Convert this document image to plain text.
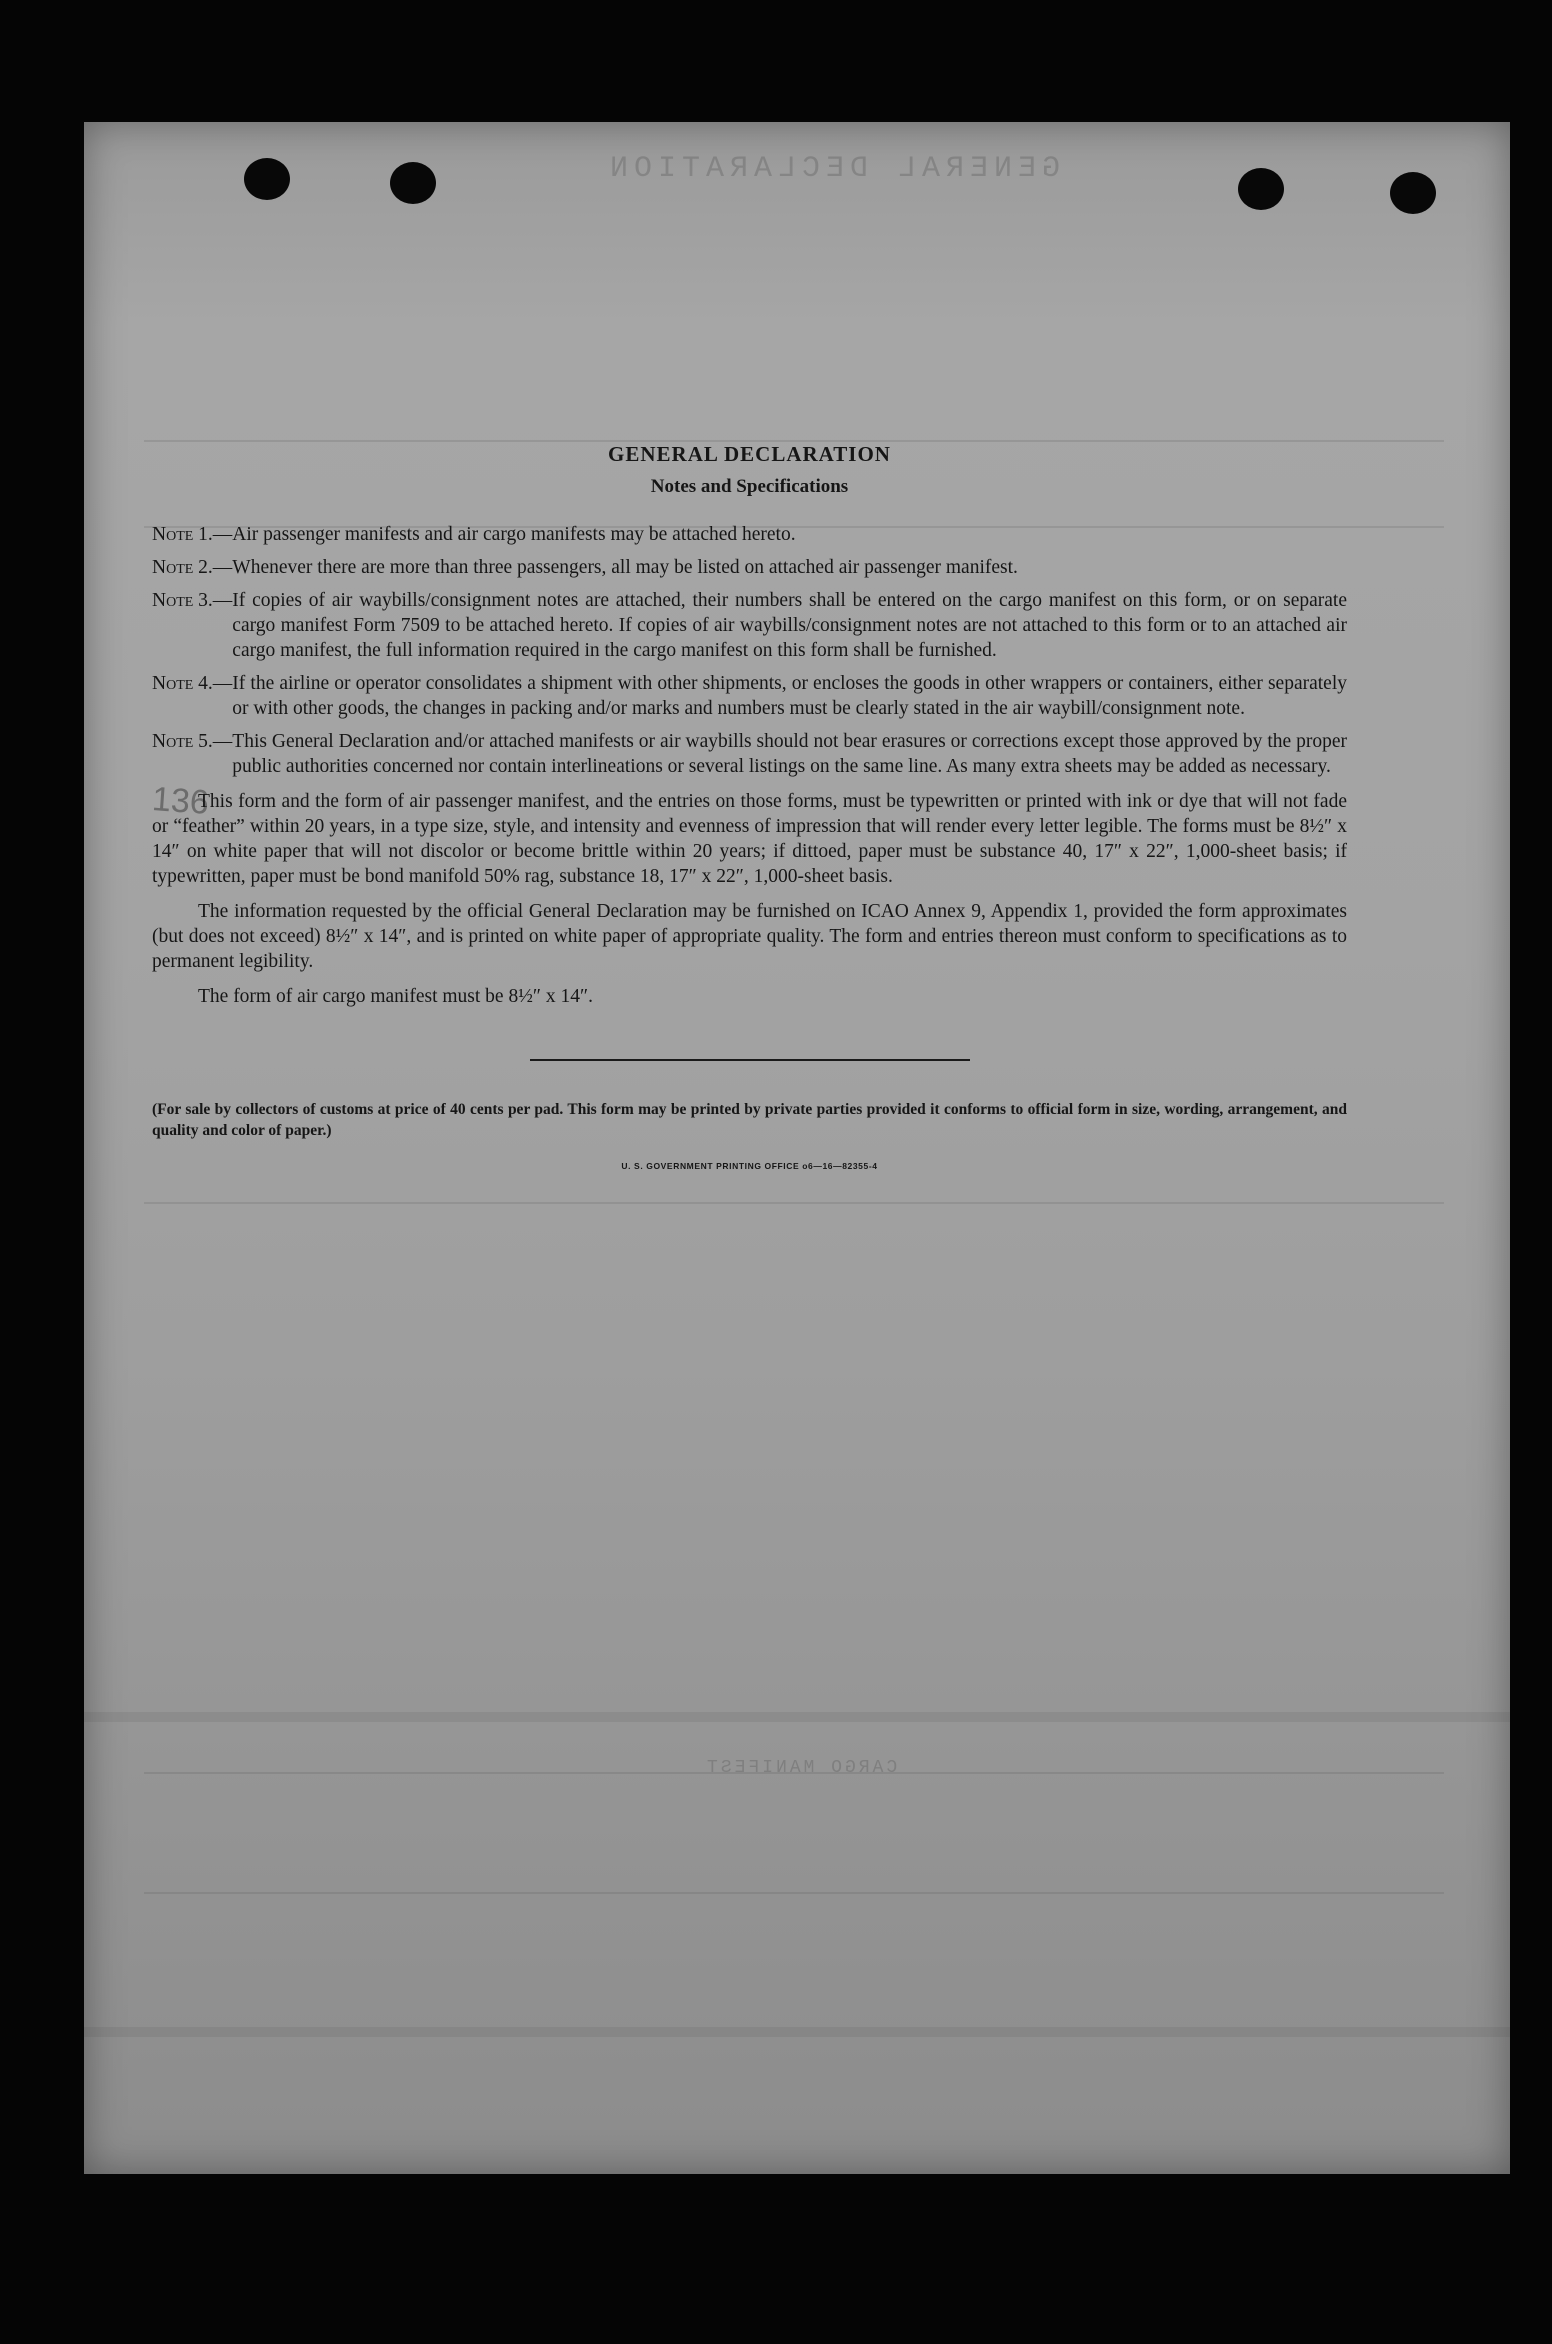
GENERAL DECLARATION
CARGO MANIFEST
136
GENERAL DECLARATION
Notes and Specifications
Note 1.— Air passenger manifests and air cargo manifests may be attached hereto.
Note 2.— Whenever there are more than three passengers, all may be listed on attached air passenger manifest.
Note 3.— If copies of air waybills/consignment notes are attached, their numbers shall be entered on the cargo manifest on this form, or on separate cargo manifest Form 7509 to be attached hereto. If copies of air waybills/consignment notes are not attached to this form or to an attached air cargo manifest, the full information required in the cargo manifest on this form shall be furnished.
Note 4.— If the airline or operator consolidates a shipment with other shipments, or encloses the goods in other wrappers or containers, either separately or with other goods, the changes in packing and/or marks and numbers must be clearly stated in the air waybill/consignment note.
Note 5.— This General Declaration and/or attached manifests or air waybills should not bear erasures or corrections except those approved by the proper public authorities concerned nor contain interlineations or several listings on the same line. As many extra sheets may be added as necessary.

This form and the form of air passenger manifest, and the entries on those forms, must be typewritten or printed with ink or dye that will not fade or “feather” within 20 years, in a type size, style, and intensity and evenness of impression that will render every letter legible. The forms must be 8½″ x 14″ on white paper that will not discolor or become brittle within 20 years; if dittoed, paper must be substance 40, 17″ x 22″, 1,000-sheet basis; if typewritten, paper must be bond manifold 50% rag, substance 18, 17″ x 22″, 1,000-sheet basis.

The information requested by the official General Declaration may be furnished on ICAO Annex 9, Appendix 1, provided the form approximates (but does not exceed) 8½″ x 14″, and is printed on white paper of appropriate quality. The form and entries thereon must conform to specifications as to permanent legibility.

The form of air cargo manifest must be 8½″ x 14″.

(For sale by collectors of customs at price of 40 cents per pad. This form may be printed by private parties provided it conforms to official form in size, wording, arrangement, and quality and color of paper.)
U. S. GOVERNMENT PRINTING OFFICE o6—16—82355-4
